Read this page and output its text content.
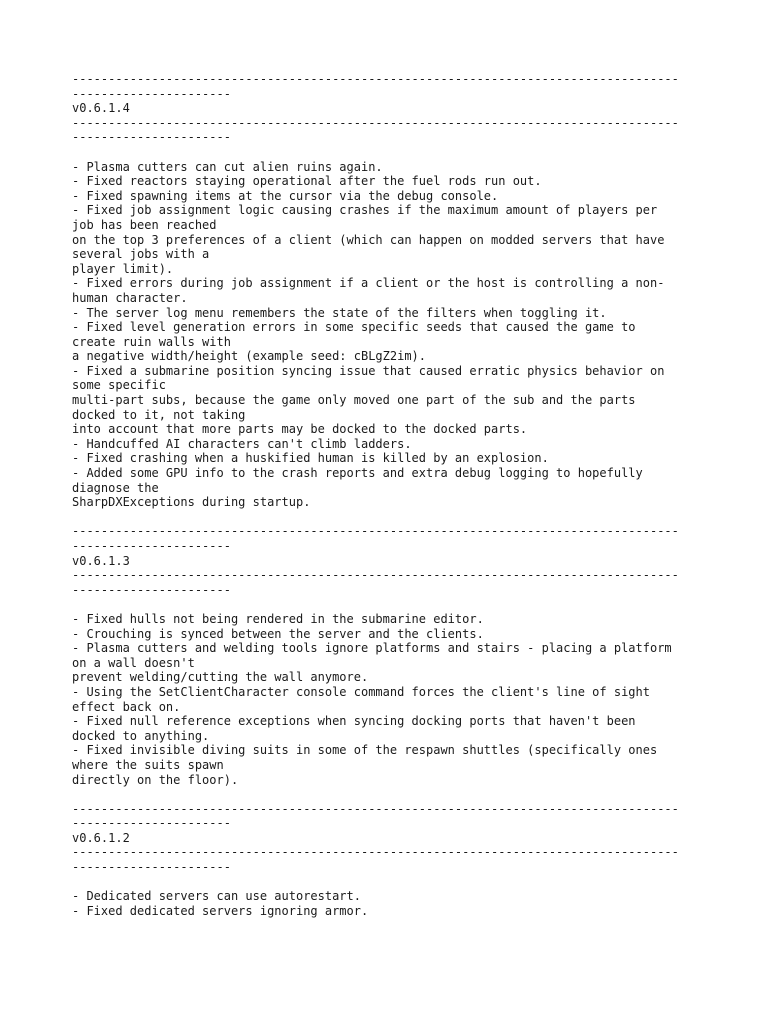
------------------------------------------------------------------------------------
----------------------
v0.6.1.4
------------------------------------------------------------------------------------
----------------------
- Plasma cutters can cut alien ruins again.
- Fixed reactors staying operational after the fuel rods run out.
- Fixed spawning items at the cursor via the debug console.
- Fixed job assignment logic causing crashes if the maximum amount of players per
job has been reached
on the top 3 preferences of a client (which can happen on modded servers that have
several jobs with a
player limit).
- Fixed errors during job assignment if a client or the host is controlling a non-
human character.
- The server log menu remembers the state of the filters when toggling it.
- Fixed level generation errors in some specific seeds that caused the game to
create ruin walls with
a negative width/height (example seed: cBLgZ2im).
- Fixed a submarine position syncing issue that caused erratic physics behavior on
some specific
multi-part subs, because the game only moved one part of the sub and the parts
docked to it, not taking
into account that more parts may be docked to the docked parts.
- Handcuffed AI characters can't climb ladders.
- Fixed crashing when a huskified human is killed by an explosion.
- Added some GPU info to the crash reports and extra debug logging to hopefully
diagnose the
SharpDXExceptions during startup.
------------------------------------------------------------------------------------
----------------------
v0.6.1.3
------------------------------------------------------------------------------------
----------------------
- Fixed hulls not being rendered in the submarine editor.
- Crouching is synced between the server and the clients.
- Plasma cutters and welding tools ignore platforms and stairs - placing a platform
on a wall doesn't
prevent welding/cutting the wall anymore.
- Using the SetClientCharacter console command forces the client's line of sight
effect back on.
- Fixed null reference exceptions when syncing docking ports that haven't been
docked to anything.
- Fixed invisible diving suits in some of the respawn shuttles (specifically ones
where the suits spawn
directly on the floor).
------------------------------------------------------------------------------------
----------------------
v0.6.1.2
------------------------------------------------------------------------------------
----------------------
- Dedicated servers can use autorestart.
- Fixed dedicated servers ignoring armor.
